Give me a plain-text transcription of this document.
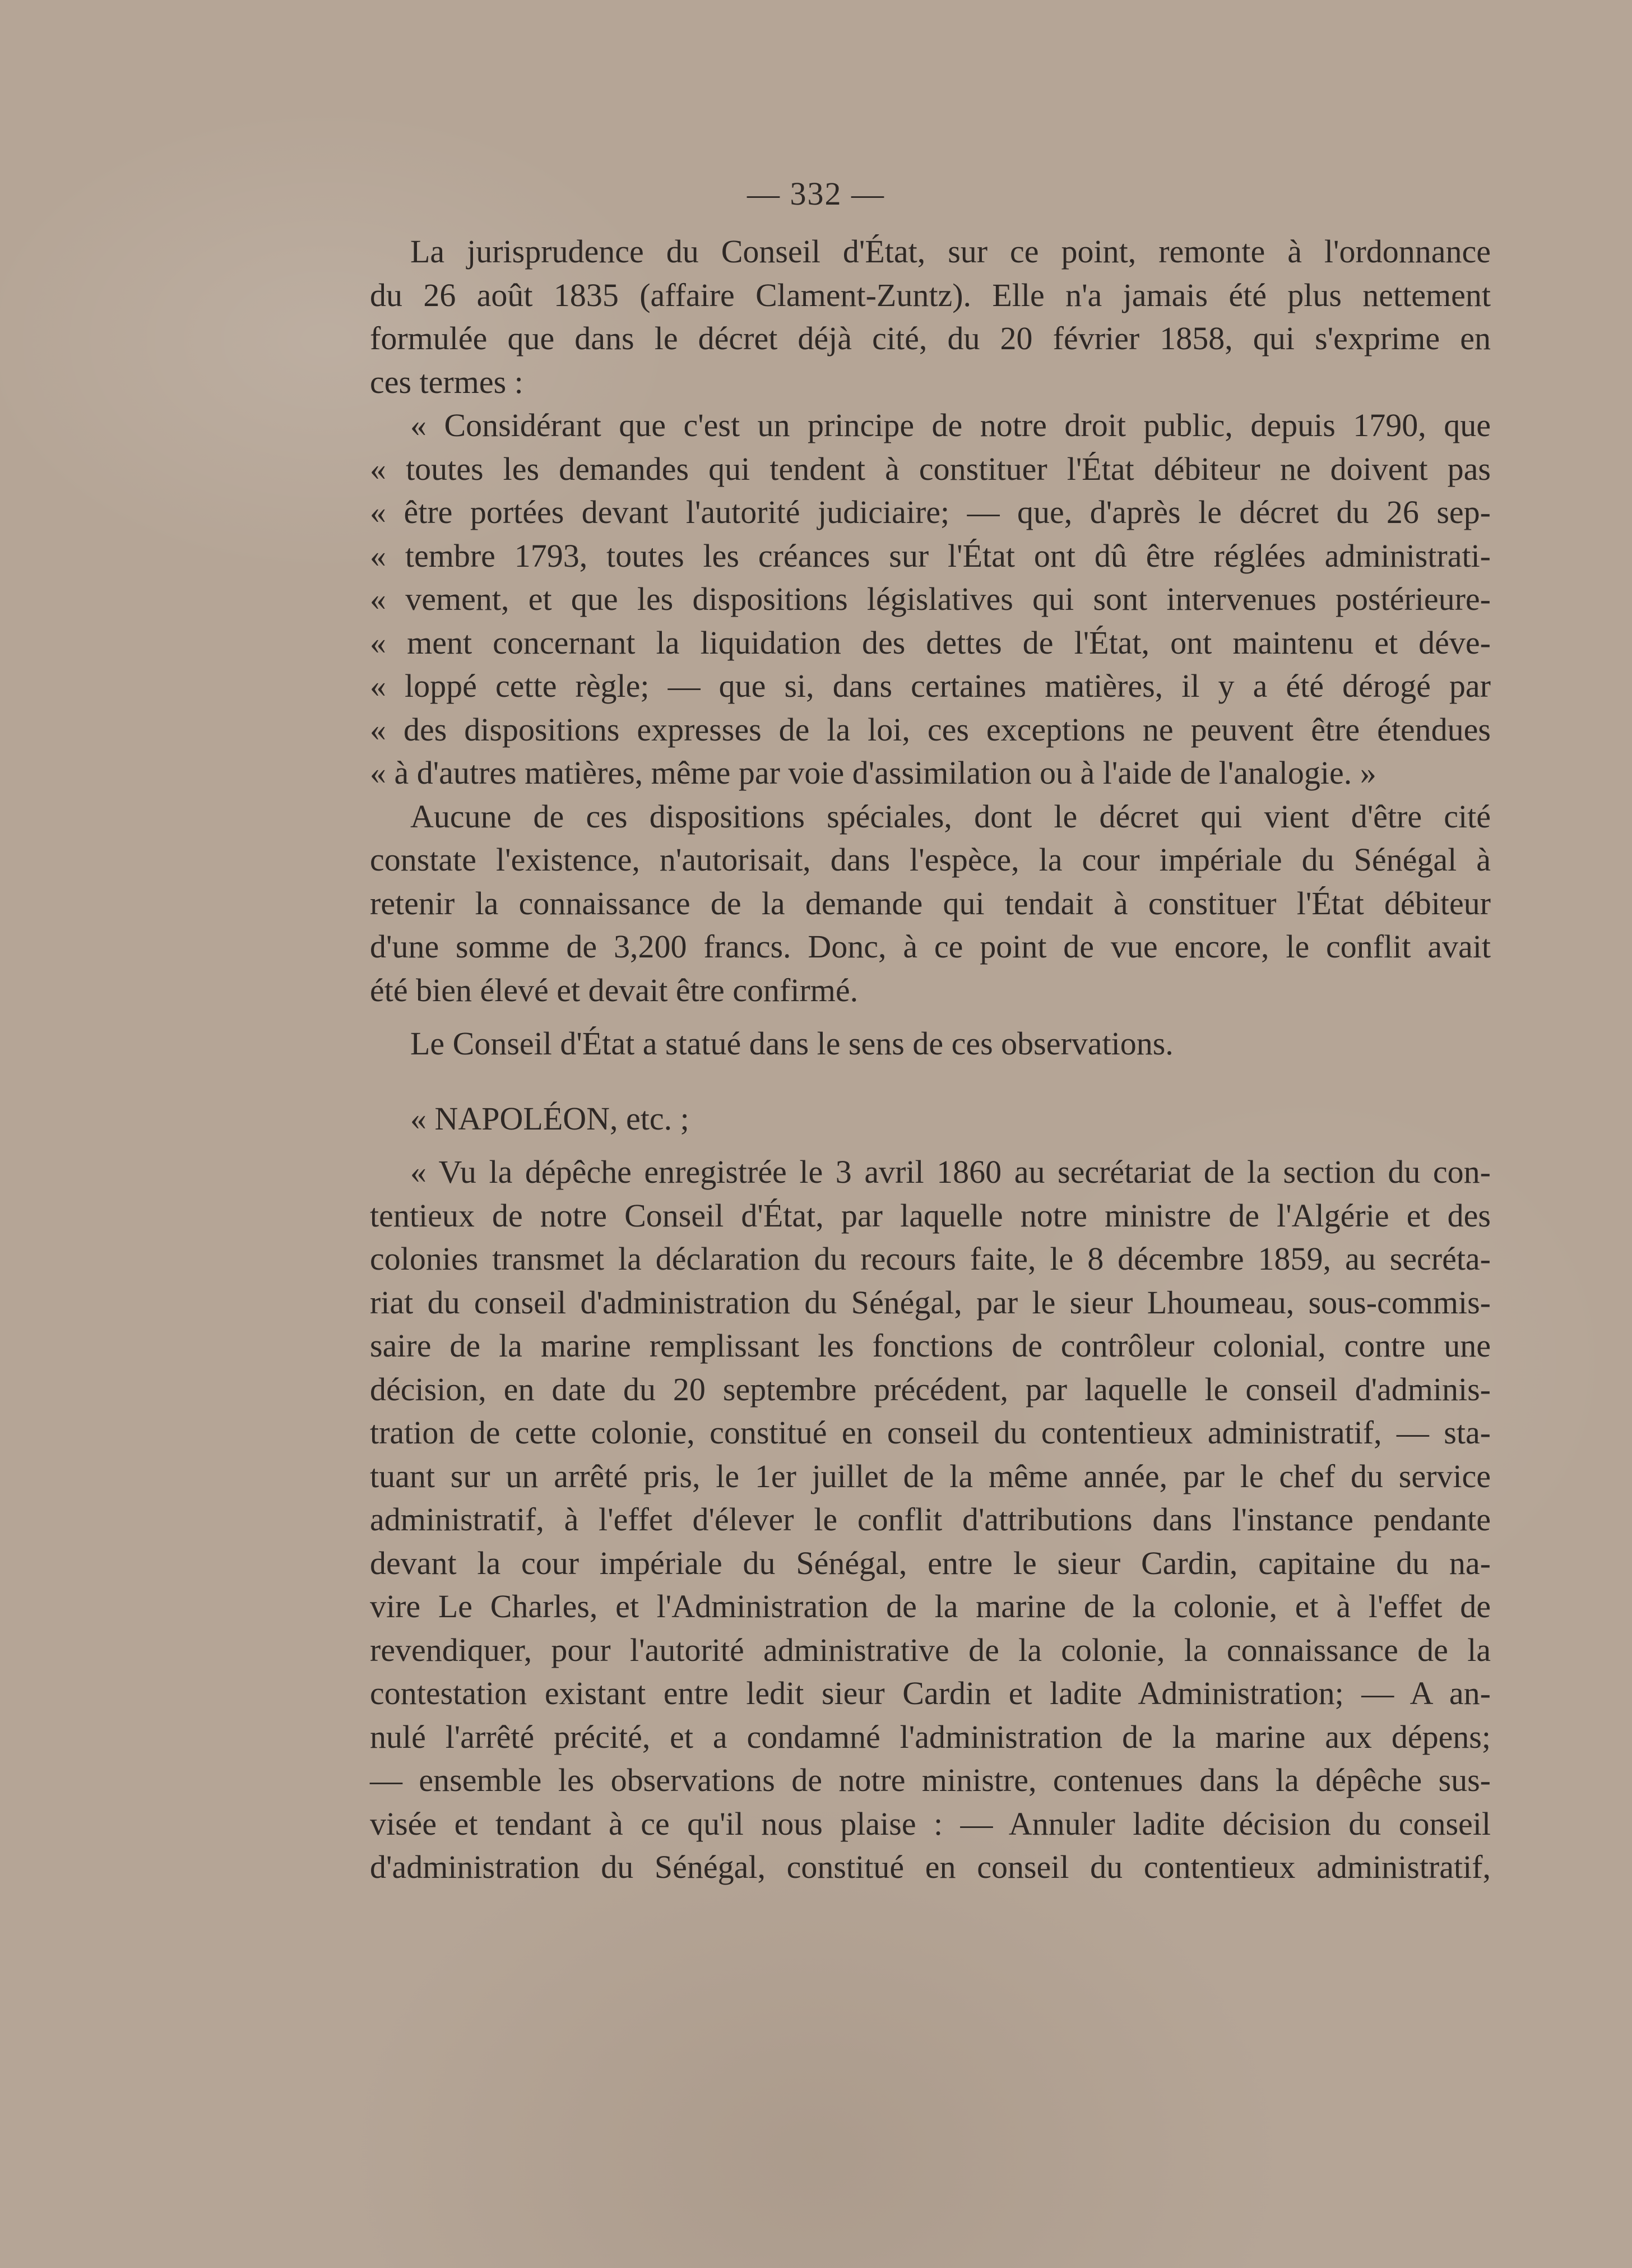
— 332 —
La jurisprudence du Conseil d'État, sur ce point, remonte à l'ordonnance
du 26 août 1835 (affaire Clament-Zuntz). Elle n'a jamais été plus nettement
formulée que dans le décret déjà cité, du 20 février 1858, qui s'exprime en
ces termes :
« Considérant que c'est un principe de notre droit public, depuis 1790, que
« toutes les demandes qui tendent à constituer l'État débiteur ne doivent pas
« être portées devant l'autorité judiciaire; — que, d'après le décret du 26 sep-
« tembre 1793, toutes les créances sur l'État ont dû être réglées administrati-
« vement, et que les dispositions législatives qui sont intervenues postérieure-
« ment concernant la liquidation des dettes de l'État, ont maintenu et déve-
« loppé cette règle; — que si, dans certaines matières, il y a été dérogé par
« des dispositions expresses de la loi, ces exceptions ne peuvent être étendues
« à d'autres matières, même par voie d'assimilation ou à l'aide de l'analogie. »
Aucune de ces dispositions spéciales, dont le décret qui vient d'être cité
constate l'existence, n'autorisait, dans l'espèce, la cour impériale du Sénégal à
retenir la connaissance de la demande qui tendait à constituer l'État débiteur
d'une somme de 3,200 francs. Donc, à ce point de vue encore, le conflit avait
été bien élevé et devait être confirmé.
Le Conseil d'État a statué dans le sens de ces observations.
« NAPOLÉON, etc. ;
« Vu la dépêche enregistrée le 3 avril 1860 au secrétariat de la section du con-
tentieux de notre Conseil d'État, par laquelle notre ministre de l'Algérie et des
colonies transmet la déclaration du recours faite, le 8 décembre 1859, au secréta-
riat du conseil d'administration du Sénégal, par le sieur Lhoumeau, sous-commis-
saire de la marine remplissant les fonctions de contrôleur colonial, contre une
décision, en date du 20 septembre précédent, par laquelle le conseil d'adminis-
tration de cette colonie, constitué en conseil du contentieux administratif, — sta-
tuant sur un arrêté pris, le 1er juillet de la même année, par le chef du service
administratif, à l'effet d'élever le conflit d'attributions dans l'instance pendante
devant la cour impériale du Sénégal, entre le sieur Cardin, capitaine du na-
vire Le Charles, et l'Administration de la marine de la colonie, et à l'effet de
revendiquer, pour l'autorité administrative de la colonie, la connaissance de la
contestation existant entre ledit sieur Cardin et ladite Administration; — A an-
nulé l'arrêté précité, et a condamné l'administration de la marine aux dépens;
— ensemble les observations de notre ministre, contenues dans la dépêche sus-
visée et tendant à ce qu'il nous plaise : — Annuler ladite décision du conseil
d'administration du Sénégal, constitué en conseil du contentieux administratif,
